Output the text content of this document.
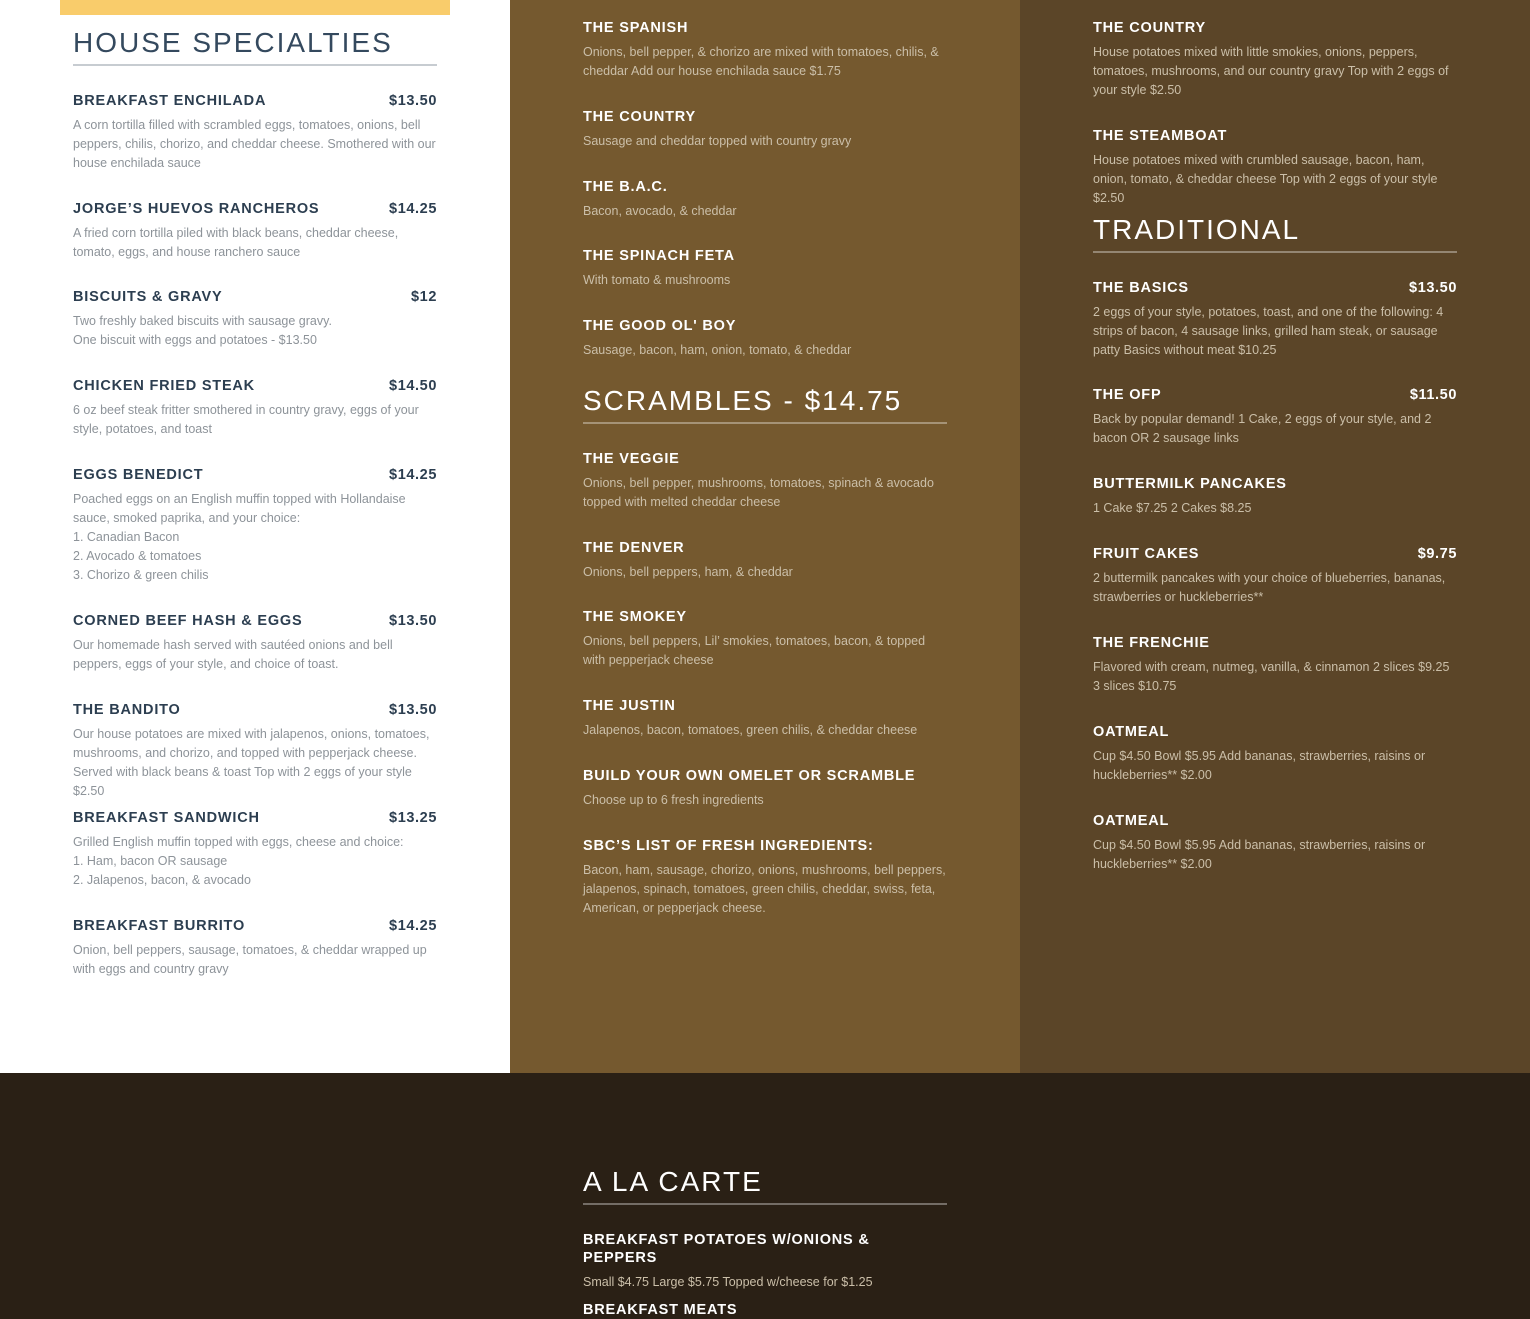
HOUSE SPECIALTIES
BREAKFAST ENCHILADA	$13.50
A corn tortilla filled with scrambled eggs, tomatoes, onions, bell peppers, chilis, chorizo, and cheddar cheese. Smothered with our house enchilada sauce
JORGE’S HUEVOS RANCHEROS	$14.25
A fried corn tortilla piled with black beans, cheddar cheese, tomato, eggs, and house ranchero sauce
BISCUITS & GRAVY	$12
Two freshly baked biscuits with sausage gravy.
One biscuit with eggs and potatoes - $13.50
CHICKEN FRIED STEAK	$14.50
6 oz beef steak fritter smothered in country gravy, eggs of your style, potatoes, and toast
EGGS BENEDICT	$14.25
Poached eggs on an English muffin topped with Hollandaise sauce, smoked paprika, and your choice:
1. Canadian Bacon
2. Avocado & tomatoes
3. Chorizo & green chilis
CORNED BEEF HASH & EGGS	$13.50
Our homemade hash served with sautéed onions and bell peppers, eggs of your style, and choice of toast.
THE BANDITO	$13.50
Our house potatoes are mixed with jalapenos, onions, tomatoes, mushrooms, and chorizo, and topped with pepperjack cheese. Served with black beans & toast Top with 2 eggs of your style $2.50
BREAKFAST SANDWICH	$13.25
Grilled English muffin topped with eggs, cheese and choice:
1. Ham, bacon OR sausage
2. Jalapenos, bacon, & avocado
BREAKFAST BURRITO	$14.25
Onion, bell peppers, sausage, tomatoes, & cheddar wrapped up with eggs and country gravy
THE SPANISH
Onions, bell pepper, & chorizo are mixed with tomatoes, chilis, & cheddar Add our house enchilada sauce $1.75
THE COUNTRY
Sausage and cheddar topped with country gravy
THE B.A.C.
Bacon, avocado, & cheddar
THE SPINACH FETA
With tomato & mushrooms
THE GOOD OL' BOY
Sausage, bacon, ham, onion, tomato, & cheddar
SCRAMBLES - $14.75
THE VEGGIE
Onions, bell pepper, mushrooms, tomatoes, spinach & avocado topped with melted cheddar cheese
THE DENVER
Onions, bell peppers, ham, & cheddar
THE SMOKEY
Onions, bell peppers, Lil’ smokies, tomatoes, bacon, & topped with pepperjack cheese
THE JUSTIN
Jalapenos, bacon, tomatoes, green chilis, & cheddar cheese
BUILD YOUR OWN OMELET OR SCRAMBLE
Choose up to 6 fresh ingredients
SBC’S LIST OF FRESH INGREDIENTS:
Bacon, ham, sausage, chorizo, onions, mushrooms, bell peppers, jalapenos, spinach, tomatoes, green chilis, cheddar, swiss, feta, American, or pepperjack cheese.
THE COUNTRY
House potatoes mixed with little smokies, onions, peppers, tomatoes, mushrooms, and our country gravy Top with 2 eggs of your style $2.50
THE STEAMBOAT
House potatoes mixed with crumbled sausage, bacon, ham, onion, tomato, & cheddar cheese Top with 2 eggs of your style $2.50
TRADITIONAL
THE BASICS	$13.50
2 eggs of your style, potatoes, toast, and one of the following: 4 strips of bacon, 4 sausage links, grilled ham steak, or sausage patty Basics without meat $10.25
THE OFP	$11.50
Back by popular demand! 1 Cake, 2 eggs of your style, and 2 bacon OR 2 sausage links
BUTTERMILK PANCAKES
1 Cake $7.25 2 Cakes $8.25
FRUIT CAKES	$9.75
2 buttermilk pancakes with your choice of blueberries, bananas, strawberries or huckleberries**
THE FRENCHIE
Flavored with cream, nutmeg, vanilla, & cinnamon 2 slices $9.25 3 slices $10.75
OATMEAL
Cup $4.50 Bowl $5.95 Add bananas, strawberries, raisins or huckleberries** $2.00
OATMEAL
Cup $4.50 Bowl $5.95 Add bananas, strawberries, raisins or huckleberries** $2.00
A LA CARTE
BREAKFAST POTATOES W/ONIONS & PEPPERS
Small $4.75 Large $5.75 Topped w/cheese for $1.25
BREAKFAST MEATS
